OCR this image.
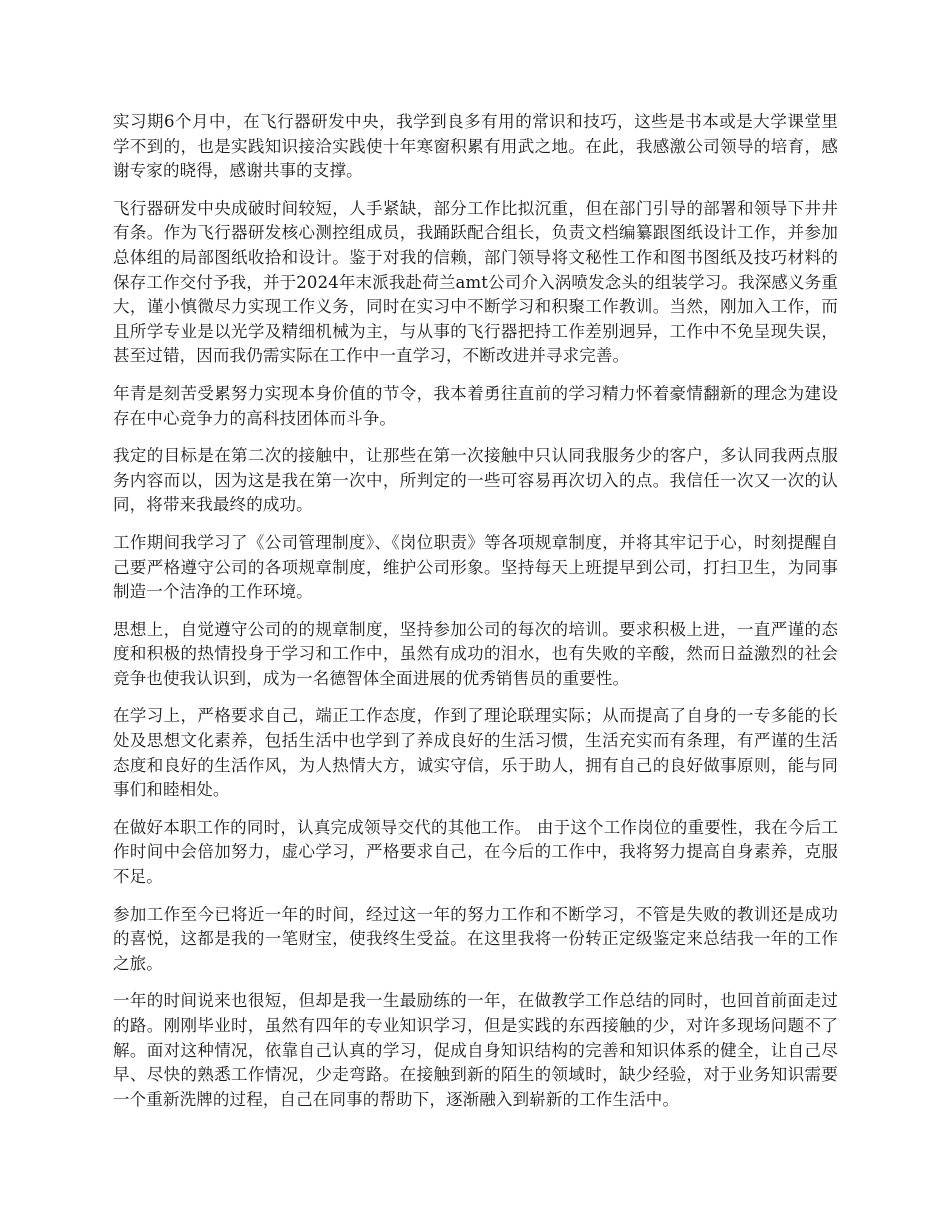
实习期6个月中，在飞行器研发中央，我学到良多有用的常识和技巧，这些是书本或是大学课堂里学不到的，也是实践知识接洽实践使十年寒窗积累有用武之地。在此，我感激公司领导的培育，感谢专家的晓得，感谢共事的支撑。

飞行器研发中央成破时间较短，人手紧缺，部分工作比拟沉重，但在部门引导的部署和领导下井井有条。作为飞行器研发核心测控组成员，我踊跃配合组长，负责文档编纂跟图纸设计工作，并参加总体组的局部图纸收拾和设计。鉴于对我的信赖，部门领导将文秘性工作和图书图纸及技巧材料的保存工作交付予我，并于2024年末派我赴荷兰amt公司介入涡喷发念头的组装学习。我深感义务重大，谨小慎微尽力实现工作义务，同时在实习中不断学习和积聚工作教训。当然，刚加入工作，而且所学专业是以光学及精细机械为主，与从事的飞行器把持工作差别迥异，工作中不免呈现失误，甚至过错，因而我仍需实际在工作中一直学习，不断改进并寻求完善。

年青是刻苦受累努力实现本身价值的节令，我本着勇往直前的学习精力怀着豪情翻新的理念为建设存在中心竞争力的高科技团体而斗争。

我定的目标是在第二次的接触中，让那些在第一次接触中只认同我服务少的客户，多认同我两点服务内容而以，因为这是我在第一次中，所判定的一些可容易再次切入的点。我信任一次又一次的认同，将带来我最终的成功。

工作期间我学习了《公司管理制度》、《岗位职责》等各项规章制度，并将其牢记于心，时刻提醒自己要严格遵守公司的各项规章制度，维护公司形象。坚持每天上班提早到公司，打扫卫生，为同事制造一个洁净的工作环境。

思想上，自觉遵守公司的的规章制度，坚持参加公司的每次的培训。要求积极上进，一直严谨的态度和积极的热情投身于学习和工作中，虽然有成功的泪水，也有失败的辛酸，然而日益激烈的社会竞争也使我认识到，成为一名德智体全面进展的优秀销售员的重要性。

在学习上，严格要求自己，端正工作态度，作到了理论联理实际；从而提高了自身的一专多能的长处及思想文化素养，包括生活中也学到了养成良好的生活习惯，生活充实而有条理，有严谨的生活态度和良好的生活作风，为人热情大方，诚实守信，乐于助人，拥有自己的良好做事原则，能与同事们和睦相处。

在做好本职工作的同时，认真完成领导交代的其他工作。 由于这个工作岗位的重要性，我在今后工作时间中会倍加努力，虚心学习，严格要求自己，在今后的工作中，我将努力提高自身素养，克服不足。

参加工作至今已将近一年的时间，经过这一年的努力工作和不断学习，不管是失败的教训还是成功的喜悦，这都是我的一笔财宝，使我终生受益。在这里我将一份转正定级鉴定来总结我一年的工作之旅。

一年的时间说来也很短，但却是我一生最励练的一年，在做教学工作总结的同时，也回首前面走过的路。刚刚毕业时，虽然有四年的专业知识学习，但是实践的东西接触的少，对许多现场问题不了解。面对这种情况，依靠自己认真的学习，促成自身知识结构的完善和知识体系的健全，让自己尽早、尽快的熟悉工作情况，少走弯路。在接触到新的陌生的领域时，缺少经验，对于业务知识需要一个重新洗牌的过程，自己在同事的帮助下，逐渐融入到崭新的工作生活中。
